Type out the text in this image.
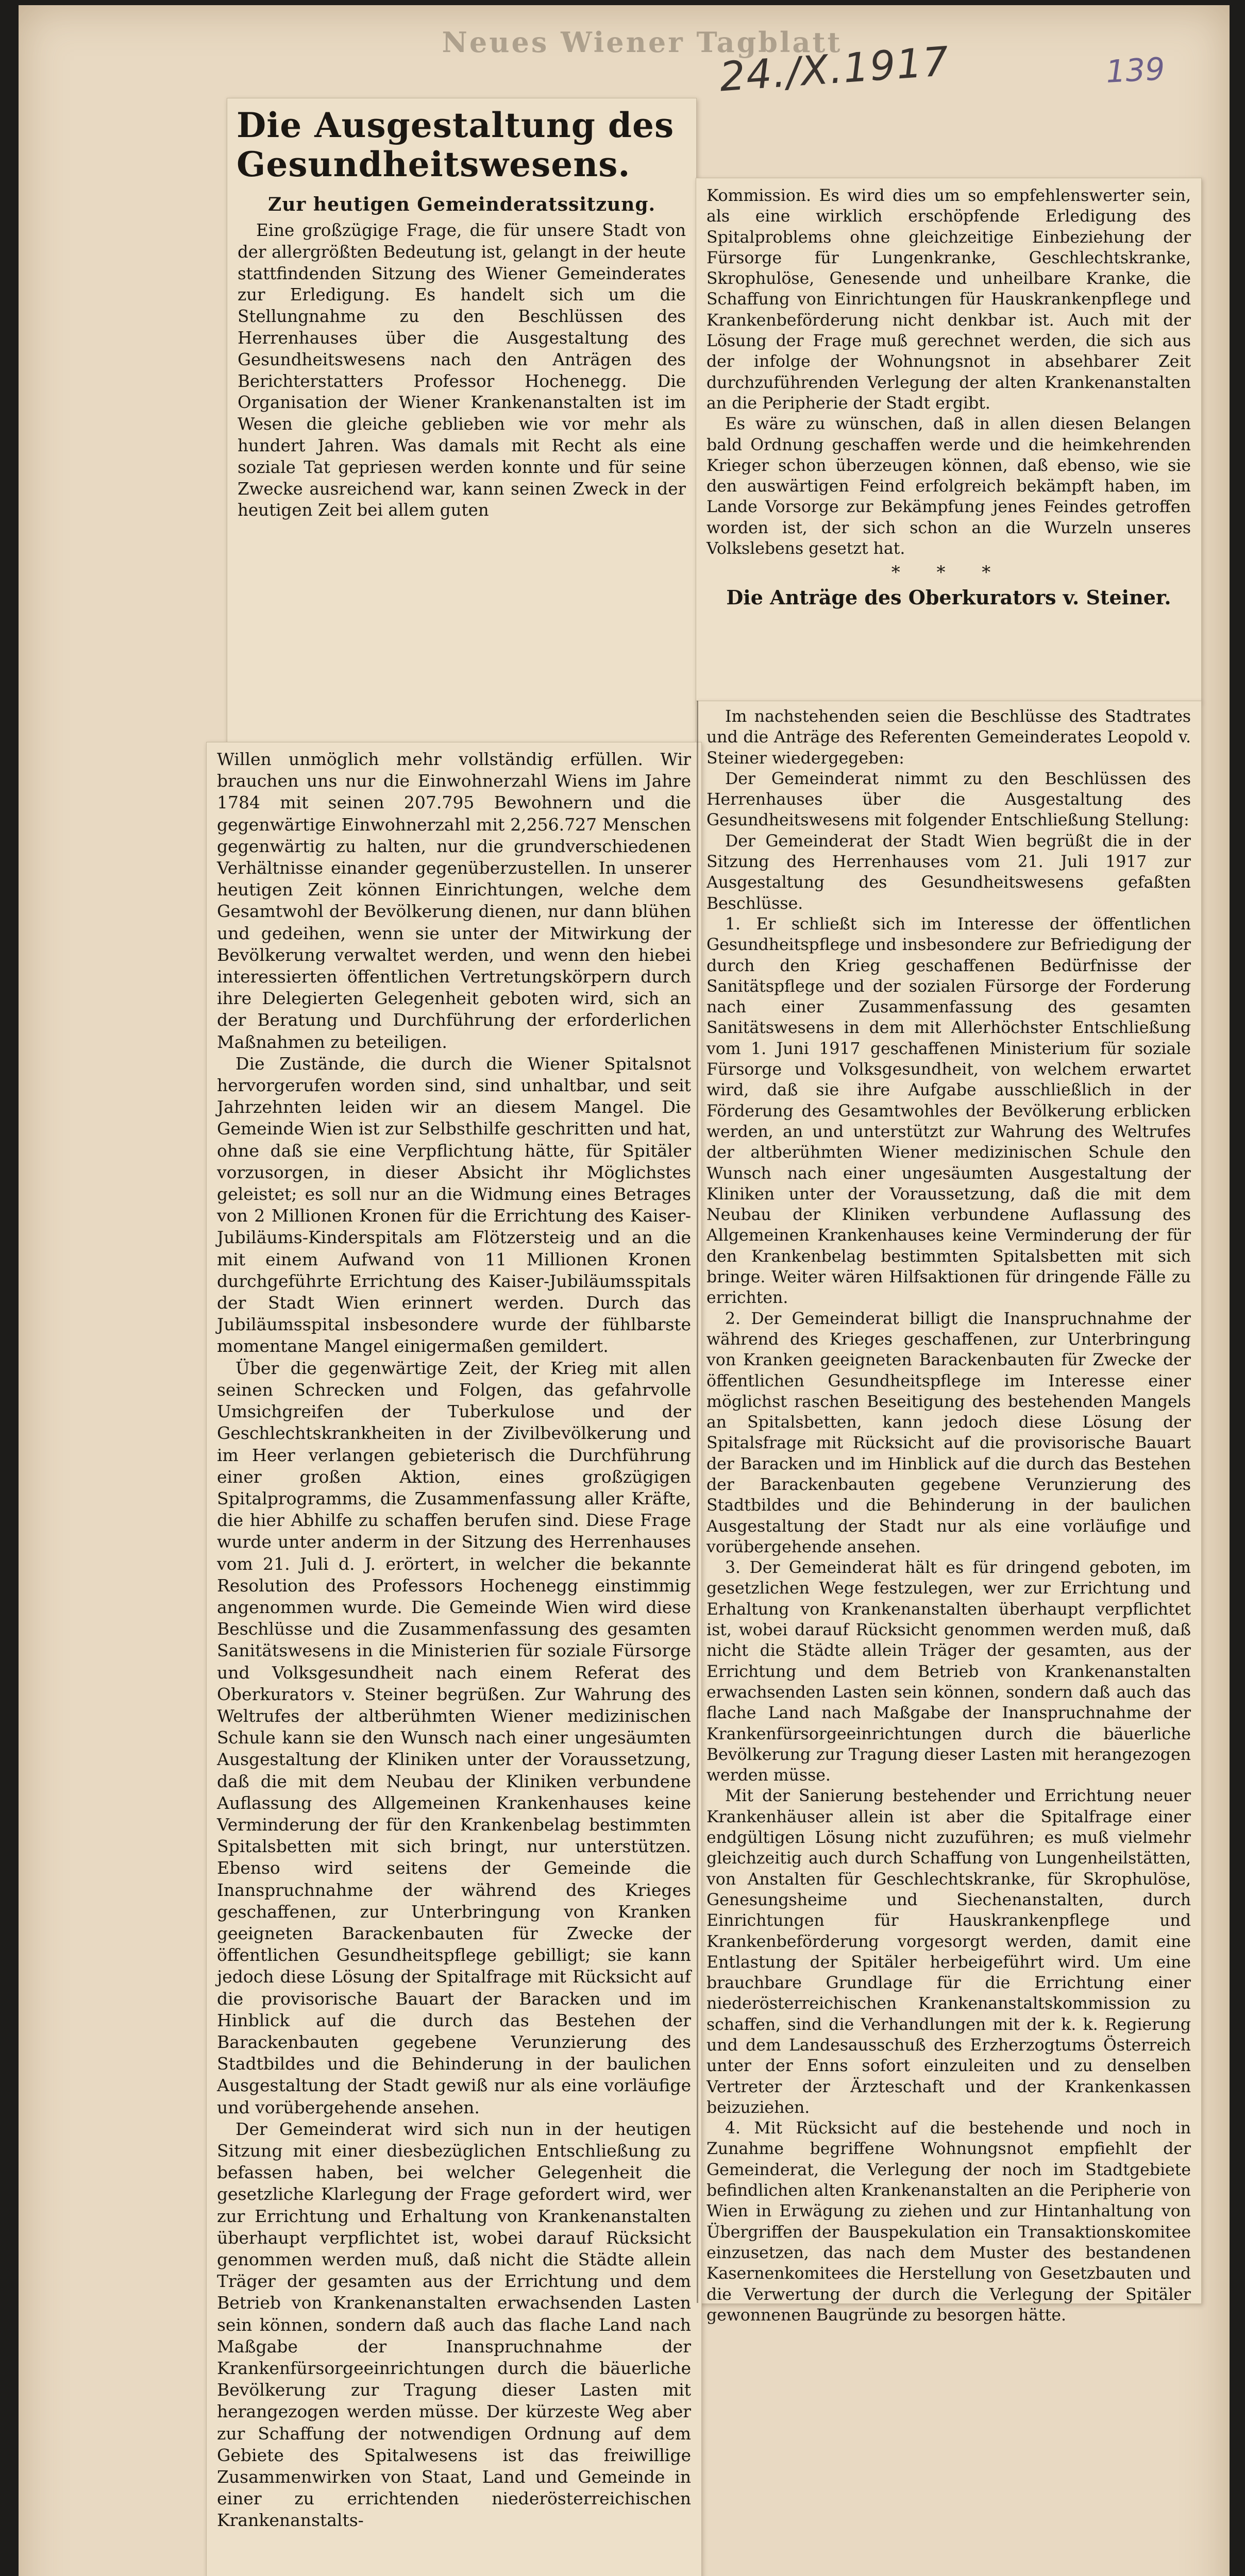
Neues Wiener Tagblatt
24./X.1917	139
Die Ausgestaltung des Gesundheitswesens.
Zur heutigen Gemeinderatssitzung.

Eine großzügige Frage, die für unsere Stadt von der allergrößten Bedeutung ist, gelangt in der heute stattfindenden Sitzung des Wiener Gemeinderates zur Erledigung. Es handelt sich um die Stellungnahme zu den Beschlüssen des Herrenhauses über die Ausgestaltung des Gesundheitswesens nach den Anträgen des Berichterstatters Professor Hochenegg. Die Organisation der Wiener Krankenanstalten ist im Wesen die gleiche geblieben wie vor mehr als hundert Jahren. Was damals mit Recht als eine soziale Tat gepriesen werden konnte und für seine Zwecke ausreichend war, kann seinen Zweck in der heutigen Zeit bei allem guten

Kommission. Es wird dies um so empfehlenswerter sein, als eine wirklich erschöpfende Erledigung des Spitalproblems ohne gleichzeitige Einbeziehung der Fürsorge für Lungenkranke, Geschlechtskranke, Skrophulöse, Genesende und unheilbare Kranke, die Schaffung von Einrichtungen für Hauskrankenpflege und Krankenbeförderung nicht denkbar ist. Auch mit der Lösung der Frage muß gerechnet werden, die sich aus der infolge der Wohnungsnot in absehbarer Zeit durchzuführenden Verlegung der alten Krankenanstalten an die Peripherie der Stadt ergibt.

Es wäre zu wünschen, daß in allen diesen Belangen bald Ordnung geschaffen werde und die heimkehrenden Krieger schon überzeugen können, daß ebenso, wie sie den auswärtigen Feind erfolgreich bekämpft haben, im Lande Vorsorge zur Bekämpfung jenes Feindes getroffen worden ist, der sich schon an die Wurzeln unseres Volkslebens gesetzt hat.

* * *
Die Anträge des Oberkurators v. Steiner.

Im nachstehenden seien die Beschlüsse des Stadtrates und die Anträge des Referenten Gemeinderates Leopold v. Steiner wiedergegeben:

Der Gemeinderat nimmt zu den Beschlüssen des Herrenhauses über die Ausgestaltung des Gesundheitswesens mit folgender Entschließung Stellung:

Der Gemeinderat der Stadt Wien begrüßt die in der Sitzung des Herrenhauses vom 21. Juli 1917 zur Ausgestaltung des Gesundheitswesens gefaßten Beschlüsse.

1. Er schließt sich im Interesse der öffentlichen Gesundheitspflege und insbesondere zur Befriedigung der durch den Krieg geschaffenen Bedürfnisse der Sanitätspflege und der sozialen Fürsorge der Forderung nach einer Zusammenfassung des gesamten Sanitätswesens in dem mit Allerhöchster Entschließung vom 1. Juni 1917 geschaffenen Ministerium für soziale Fürsorge und Volksgesundheit, von welchem erwartet wird, daß sie ihre Aufgabe ausschließlich in der Förderung des Gesamtwohles der Bevölkerung erblicken werden, an und unterstützt zur Wahrung des Weltrufes der altberühmten Wiener medizinischen Schule den Wunsch nach einer ungesäumten Ausgestaltung der Kliniken unter der Voraussetzung, daß die mit dem Neubau der Kliniken verbundene Auflassung des Allgemeinen Krankenhauses keine Verminderung der für den Krankenbelag bestimmten Spitalsbetten mit sich bringe. Weiter wären Hilfsaktionen für dringende Fälle zu errichten.

2. Der Gemeinderat billigt die Inanspruchnahme der während des Krieges geschaffenen, zur Unterbringung von Kranken geeigneten Barackenbauten für Zwecke der öffentlichen Gesundheitspflege im Interesse einer möglichst raschen Beseitigung des bestehenden Mangels an Spitalsbetten, kann jedoch diese Lösung der Spitalsfrage mit Rücksicht auf die provisorische Bauart der Baracken und im Hinblick auf die durch das Bestehen der Barackenbauten gegebene Verunzierung des Stadtbildes und die Behinderung in der baulichen Ausgestaltung der Stadt nur als eine vorläufige und vorübergehende ansehen.

3. Der Gemeinderat hält es für dringend geboten, im gesetzlichen Wege festzulegen, wer zur Errichtung und Erhaltung von Krankenanstalten überhaupt verpflichtet ist, wobei darauf Rücksicht genommen werden muß, daß nicht die Städte allein Träger der gesamten, aus der Errichtung und dem Betrieb von Krankenanstalten erwachsenden Lasten sein können, sondern daß auch das flache Land nach Maßgabe der Inanspruchnahme der Krankenfürsorgeeinrichtungen durch die bäuerliche Bevölkerung zur Tragung dieser Lasten mit herangezogen werden müsse.

Mit der Sanierung bestehender und Errichtung neuer Krankenhäuser allein ist aber die Spitalfrage einer endgültigen Lösung nicht zuzuführen; es muß vielmehr gleichzeitig auch durch Schaffung von Lungenheilstätten, von Anstalten für Geschlechtskranke, für Skrophulöse, Genesungsheime und Siechenanstalten, durch Einrichtungen für Hauskrankenpflege und Krankenbeförderung vorgesorgt werden, damit eine Entlastung der Spitäler herbeigeführt wird. Um eine brauchbare Grundlage für die Errichtung einer niederösterreichischen Krankenanstaltskommission zu schaffen, sind die Verhandlungen mit der k. k. Regierung und dem Landesausschuß des Erzherzogtums Österreich unter der Enns sofort einzuleiten und zu denselben Vertreter der Ärzteschaft und der Krankenkassen beizuziehen.

4. Mit Rücksicht auf die bestehende und noch in Zunahme begriffene Wohnungsnot empfiehlt der Gemeinderat, die Verlegung der noch im Stadtgebiete befindlichen alten Krankenanstalten an die Peripherie von Wien in Erwägung zu ziehen und zur Hintanhaltung von Übergriffen der Bauspekulation ein Transaktionskomitee einzusetzen, das nach dem Muster des bestandenen Kasernenkomitees die Herstellung von Gesetzbauten und die Verwertung der durch die Verlegung der Spitäler gewonnenen Baugründe zu besorgen hätte.

Willen unmöglich mehr vollständig erfüllen. Wir brauchen uns nur die Einwohnerzahl Wiens im Jahre 1784 mit seinen 207.795 Bewohnern und die gegenwärtige Einwohnerzahl mit 2,256.727 Menschen gegenwärtig zu halten, nur die grundverschiedenen Verhältnisse einander gegenüberzustellen. In unserer heutigen Zeit können Einrichtungen, welche dem Gesamtwohl der Bevölkerung dienen, nur dann blühen und gedeihen, wenn sie unter der Mitwirkung der Bevölkerung verwaltet werden, und wenn den hiebei interessierten öffentlichen Vertretungskörpern durch ihre Delegierten Gelegenheit geboten wird, sich an der Beratung und Durchführung der erforderlichen Maßnahmen zu beteiligen.

Die Zustände, die durch die Wiener Spitalsnot hervorgerufen worden sind, sind unhaltbar, und seit Jahrzehnten leiden wir an diesem Mangel. Die Gemeinde Wien ist zur Selbsthilfe geschritten und hat, ohne daß sie eine Verpflichtung hätte, für Spitäler vorzusorgen, in dieser Absicht ihr Möglichstes geleistet; es soll nur an die Widmung eines Betrages von 2 Millionen Kronen für die Errichtung des Kaiser-Jubiläums-Kinderspitals am Flötzersteig und an die mit einem Aufwand von 11 Millionen Kronen durchgeführte Errichtung des Kaiser-Jubiläumsspitals der Stadt Wien erinnert werden. Durch das Jubiläumsspital insbesondere wurde der fühlbarste momentane Mangel einigermaßen gemildert.

Über die gegenwärtige Zeit, der Krieg mit allen seinen Schrecken und Folgen, das gefahrvolle Umsichgreifen der Tuberkulose und der Geschlechtskrankheiten in der Zivilbevölkerung und im Heer verlangen gebieterisch die Durchführung einer großen Aktion, eines großzügigen Spitalprogramms, die Zusammenfassung aller Kräfte, die hier Abhilfe zu schaffen berufen sind. Diese Frage wurde unter anderm in der Sitzung des Herrenhauses vom 21. Juli d. J. erörtert, in welcher die bekannte Resolution des Professors Hochenegg einstimmig angenommen wurde. Die Gemeinde Wien wird diese Beschlüsse und die Zusammenfassung des gesamten Sanitätswesens in die Ministerien für soziale Fürsorge und Volksgesundheit nach einem Referat des Oberkurators v. Steiner begrüßen. Zur Wahrung des Weltrufes der altberühmten Wiener medizinischen Schule kann sie den Wunsch nach einer ungesäumten Ausgestaltung der Kliniken unter der Voraussetzung, daß die mit dem Neubau der Kliniken verbundene Auflassung des Allgemeinen Krankenhauses keine Verminderung der für den Krankenbelag bestimmten Spitalsbetten mit sich bringt, nur unterstützen. Ebenso wird seitens der Gemeinde die Inanspruchnahme der während des Krieges geschaffenen, zur Unterbringung von Kranken geeigneten Barackenbauten für Zwecke der öffentlichen Gesundheitspflege gebilligt; sie kann jedoch diese Lösung der Spitalfrage mit Rücksicht auf die provisorische Bauart der Baracken und im Hinblick auf die durch das Bestehen der Barackenbauten gegebene Verunzierung des Stadtbildes und die Behinderung in der baulichen Ausgestaltung der Stadt gewiß nur als eine vorläufige und vorübergehende ansehen.

Der Gemeinderat wird sich nun in der heutigen Sitzung mit einer diesbezüglichen Entschließung zu befassen haben, bei welcher Gelegenheit die gesetzliche Klarlegung der Frage gefordert wird, wer zur Errichtung und Erhaltung von Krankenanstalten überhaupt verpflichtet ist, wobei darauf Rücksicht genommen werden muß, daß nicht die Städte allein Träger der gesamten aus der Errichtung und dem Betrieb von Krankenanstalten erwachsenden Lasten sein können, sondern daß auch das flache Land nach Maßgabe der Inanspruchnahme der Krankenfürsorgeeinrichtungen durch die bäuerliche Bevölkerung zur Tragung dieser Lasten mit herangezogen werden müsse. Der kürzeste Weg aber zur Schaffung der notwendigen Ordnung auf dem Gebiete des Spitalwesens ist das freiwillige Zusammenwirken von Staat, Land und Gemeinde in einer zu errichtenden niederösterreichischen Krankenanstalts-
